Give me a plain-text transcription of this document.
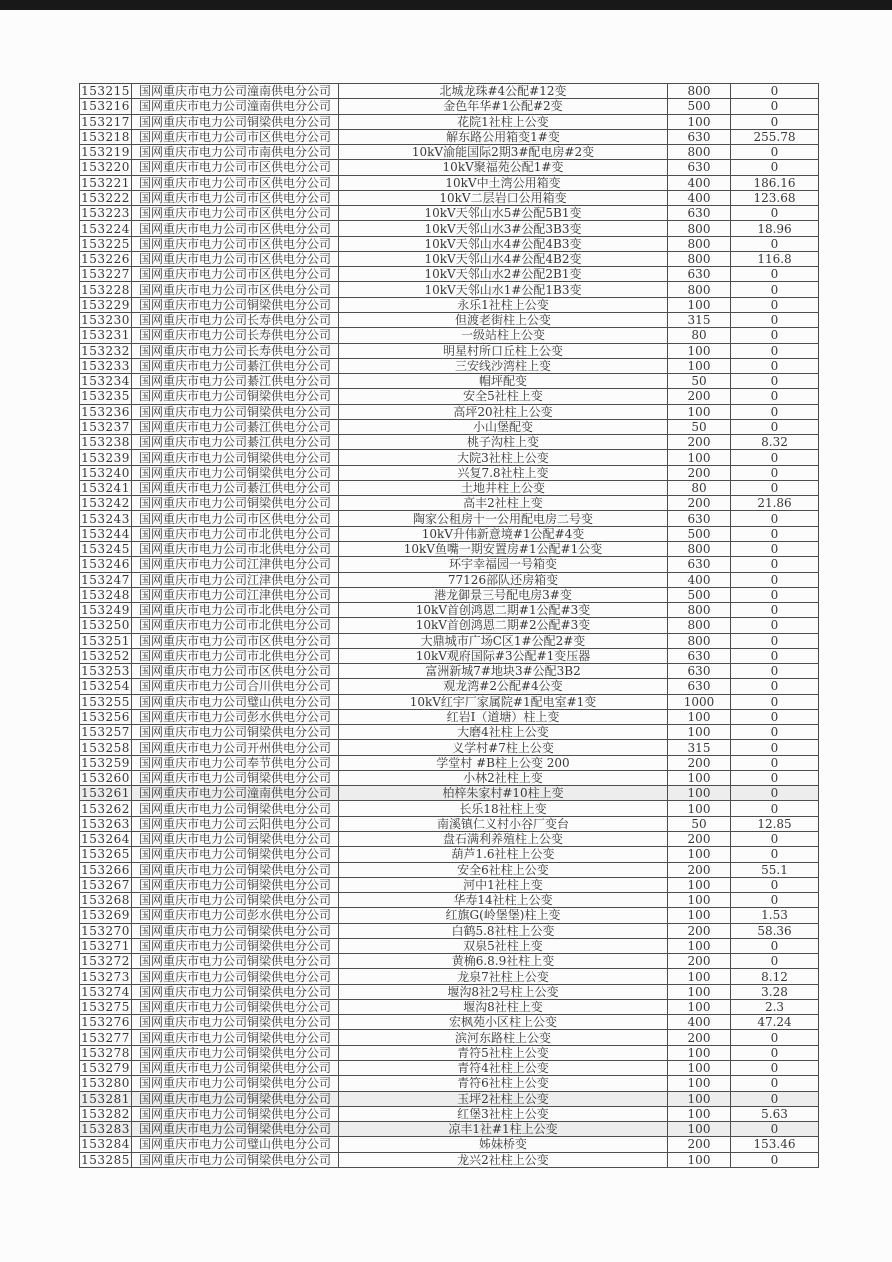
153215	国网重庆市电力公司潼南供电分公司	北城龙珠#4公配#12变	800	0
153216	国网重庆市电力公司潼南供电分公司	金色年华#1公配#2变	500	0
153217	国网重庆市电力公司铜梁供电分公司	花院1社柱上公变	100	0
153218	国网重庆市电力公司市区供电分公司	解东路公用箱变1#变	630	255.78
153219	国网重庆市电力公司市南供电分公司	10kV渝能国际2期3#配电房#2变	800	0
153220	国网重庆市电力公司市区供电分公司	10kV聚福苑公配1#变	630	0
153221	国网重庆市电力公司市区供电分公司	10kV中土湾公用箱变	400	186.16
153222	国网重庆市电力公司市区供电分公司	10kV二层岩口公用箱变	400	123.68
153223	国网重庆市电力公司市区供电分公司	10kV天邻山水5#公配5B1变	630	0
153224	国网重庆市电力公司市区供电分公司	10kV天邻山水3#公配3B3变	800	18.96
153225	国网重庆市电力公司市区供电分公司	10kV天邻山水4#公配4B3变	800	0
153226	国网重庆市电力公司市区供电分公司	10kV天邻山水4#公配4B2变	800	116.8
153227	国网重庆市电力公司市区供电分公司	10kV天邻山水2#公配2B1变	630	0
153228	国网重庆市电力公司市区供电分公司	10kV天邻山水1#公配1B3变	800	0
153229	国网重庆市电力公司铜梁供电分公司	永乐1社柱上公变	100	0
153230	国网重庆市电力公司长寿供电分公司	但渡老街柱上公变	315	0
153231	国网重庆市电力公司长寿供电分公司	一级站柱上公变	80	0
153232	国网重庆市电力公司长寿供电分公司	明星村所口丘柱上公变	100	0
153233	国网重庆市电力公司綦江供电分公司	三安线沙湾柱上变	100	0
153234	国网重庆市电力公司綦江供电分公司	帽坪配变	50	0
153235	国网重庆市电力公司铜梁供电分公司	安全5社柱上变	200	0
153236	国网重庆市电力公司铜梁供电分公司	高坪20社柱上公变	100	0
153237	国网重庆市电力公司綦江供电分公司	小山堡配变	50	0
153238	国网重庆市电力公司綦江供电分公司	桃子沟柱上变	200	8.32
153239	国网重庆市电力公司铜梁供电分公司	大院3社柱上公变	100	0
153240	国网重庆市电力公司铜梁供电分公司	兴复7.8社柱上变	200	0
153241	国网重庆市电力公司綦江供电分公司	土地井柱上公变	80	0
153242	国网重庆市电力公司铜梁供电分公司	高丰2社柱上变	200	21.86
153243	国网重庆市电力公司市区供电分公司	陶家公租房十一公用配电房二号变	630	0
153244	国网重庆市电力公司市北供电分公司	10kV升伟新意境#1公配#4变	500	0
153245	国网重庆市电力公司市北供电分公司	10kV鱼嘴一期安置房#1公配#1公变	800	0
153246	国网重庆市电力公司江津供电分公司	环宇幸福园一号箱变	630	0
153247	国网重庆市电力公司江津供电分公司	77126部队还房箱变	400	0
153248	国网重庆市电力公司江津供电分公司	港龙御景三号配电房3#变	500	0
153249	国网重庆市电力公司市北供电分公司	10kV首创鸿恩二期#1公配#3变	800	0
153250	国网重庆市电力公司市北供电分公司	10kV首创鸿恩二期#2公配#3变	800	0
153251	国网重庆市电力公司市区供电分公司	大鼎城市广场C区1#公配2#变	800	0
153252	国网重庆市电力公司市北供电分公司	10kV观府国际#3公配#1变压器	630	0
153253	国网重庆市电力公司市区供电分公司	富洲新城7#地块3#公配3B2	630	0
153254	国网重庆市电力公司合川供电分公司	观龙湾#2公配#4公变	630	0
153255	国网重庆市电力公司璧山供电分公司	10kV红宇厂家属院#1配电室#1变	1000	0
153256	国网重庆市电力公司彭水供电分公司	红岩I（道塘）柱上变	100	0
153257	国网重庆市电力公司铜梁供电分公司	大磨4社柱上公变	100	0
153258	国网重庆市电力公司开州供电分公司	义学村#7柱上公变	315	0
153259	国网重庆市电力公司奉节供电分公司	学堂村 #B柱上公变 200	200	0
153260	国网重庆市电力公司铜梁供电分公司	小林2社柱上变	100	0
153261	国网重庆市电力公司潼南供电分公司	柏梓朱家村#10柱上变	100	0
153262	国网重庆市电力公司铜梁供电分公司	长乐18社柱上变	100	0
153263	国网重庆市电力公司云阳供电分公司	南溪镇仁义村小谷厂变台	50	12.85
153264	国网重庆市电力公司铜梁供电分公司	盘石满利养殖柱上公变	200	0
153265	国网重庆市电力公司铜梁供电分公司	葫芦1.6社柱上公变	100	0
153266	国网重庆市电力公司铜梁供电分公司	安全6社柱上公变	200	55.1
153267	国网重庆市电力公司铜梁供电分公司	河中1社柱上变	100	0
153268	国网重庆市电力公司铜梁供电分公司	华寿14社柱上公变	100	0
153269	国网重庆市电力公司彭水供电分公司	红旗G(岭堡堡)柱上变	100	1.53
153270	国网重庆市电力公司铜梁供电分公司	白鹤5.8社柱上公变	200	58.36
153271	国网重庆市电力公司铜梁供电分公司	双泉5社柱上变	100	0
153272	国网重庆市电力公司铜梁供电分公司	黄桷6.8.9社柱上变	200	0
153273	国网重庆市电力公司铜梁供电分公司	龙泉7社柱上公变	100	8.12
153274	国网重庆市电力公司铜梁供电分公司	堰沟8社2号柱上公变	100	3.28
153275	国网重庆市电力公司铜梁供电分公司	堰沟8社柱上变	100	2.3
153276	国网重庆市电力公司铜梁供电分公司	宏枫苑小区柱上公变	400	47.24
153277	国网重庆市电力公司铜梁供电分公司	滨河东路柱上公变	200	0
153278	国网重庆市电力公司铜梁供电分公司	青符5社柱上公变	100	0
153279	国网重庆市电力公司铜梁供电分公司	青符4社柱上公变	100	0
153280	国网重庆市电力公司铜梁供电分公司	青符6社柱上公变	100	0
153281	国网重庆市电力公司铜梁供电分公司	玉坪2社柱上公变	100	0
153282	国网重庆市电力公司铜梁供电分公司	红堡3社柱上公变	100	5.63
153283	国网重庆市电力公司铜梁供电分公司	凉丰1社#1柱上公变	100	0
153284	国网重庆市电力公司璧山供电分公司	姊妹桥变	200	153.46
153285	国网重庆市电力公司铜梁供电分公司	龙兴2社柱上公变	100	0
